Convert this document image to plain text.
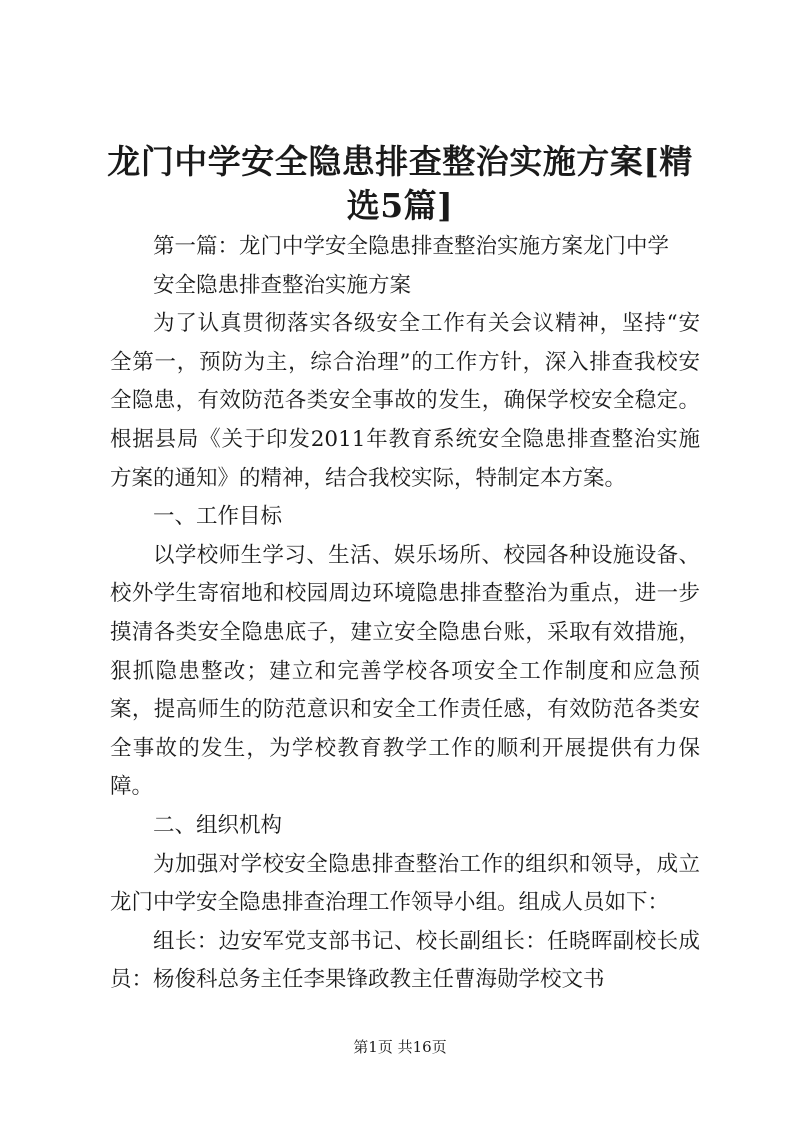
龙门中学安全隐患排查整治实施方案[精选5篇]

第一篇：龙门中学安全隐患排查整治实施方案龙门中学

安全隐患排查整治实施方案

为了认真贯彻落实各级安全工作有关会议精神，坚持“安全第一，预防为主，综合治理”的工作方针，深入排查我校安全隐患，有效防范各类安全事故的发生，确保学校安全稳定。根据县局《关于印发2011年教育系统安全隐患排查整治实施方案的通知》的精神，结合我校实际，特制定本方案。

一、工作目标

以学校师生学习、生活、娱乐场所、校园各种设施设备、校外学生寄宿地和校园周边环境隐患排查整治为重点，进一步摸清各类安全隐患底子，建立安全隐患台账，采取有效措施，狠抓隐患整改；建立和完善学校各项安全工作制度和应急预案，提高师生的防范意识和安全工作责任感，有效防范各类安全事故的发生，为学校教育教学工作的顺利开展提供有力保障。

二、组织机构

为加强对学校安全隐患排查整治工作的组织和领导，成立龙门中学安全隐患排查治理工作领导小组。组成人员如下：

组长：边安军党支部书记、校长副组长：任晓晖副校长成员：杨俊科总务主任李果锋政教主任曹海勋学校文书

第1页 共16页
